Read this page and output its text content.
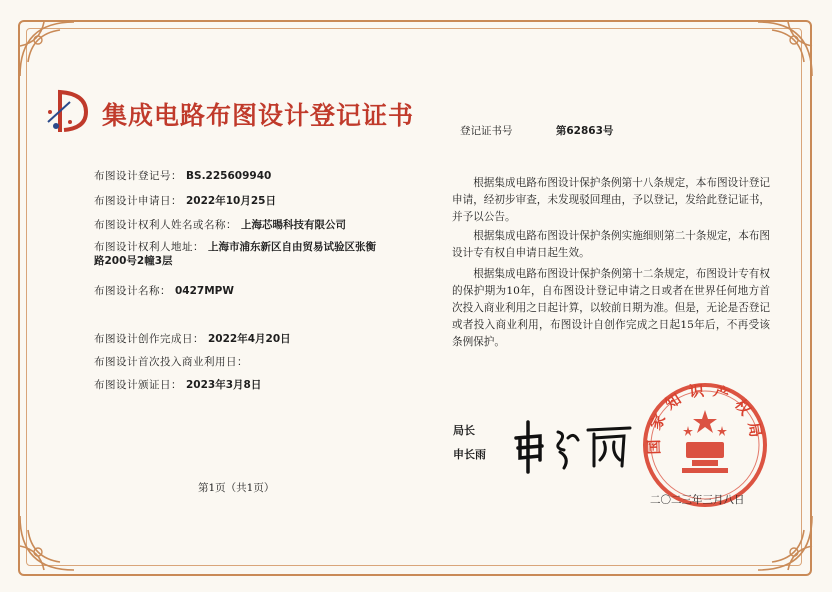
集成电路布图设计登记证书
登记证书号	第62863号
布图设计登记号： BS.225609940
布图设计申请日： 2022年10月25日
布图设计权利人姓名或名称： 上海芯暘科技有限公司
布图设计权利人地址： 上海市浦东新区自由贸易试验区张衡路200号2幢3层
布图设计名称： 0427MPW
布图设计创作完成日： 2022年4月20日
布图设计首次投入商业利用日：
布图设计颁证日： 2023年3月8日
根据集成电路布图设计保护条例第十八条规定，本布图设计登记申请，经初步审查，未发现驳回理由，予以登记，发给此登记证书，并予以公告。
根据集成电路布图设计保护条例实施细则第二十条规定，本布图设计专有权自申请日起生效。
根据集成电路布图设计保护条例第十二条规定，布图设计专有权的保护期为10年，自布图设计登记申请之日或者在世界任何地方首次投入商业利用之日起计算，以较前日期为准。但是，无论是否登记或者投入商业利用，布图设计自创作完成之日起15年后，不再受该条例保护。
第1页（共1页）
局长
申长雨	国家知识产权局
二〇二三年三月八日
